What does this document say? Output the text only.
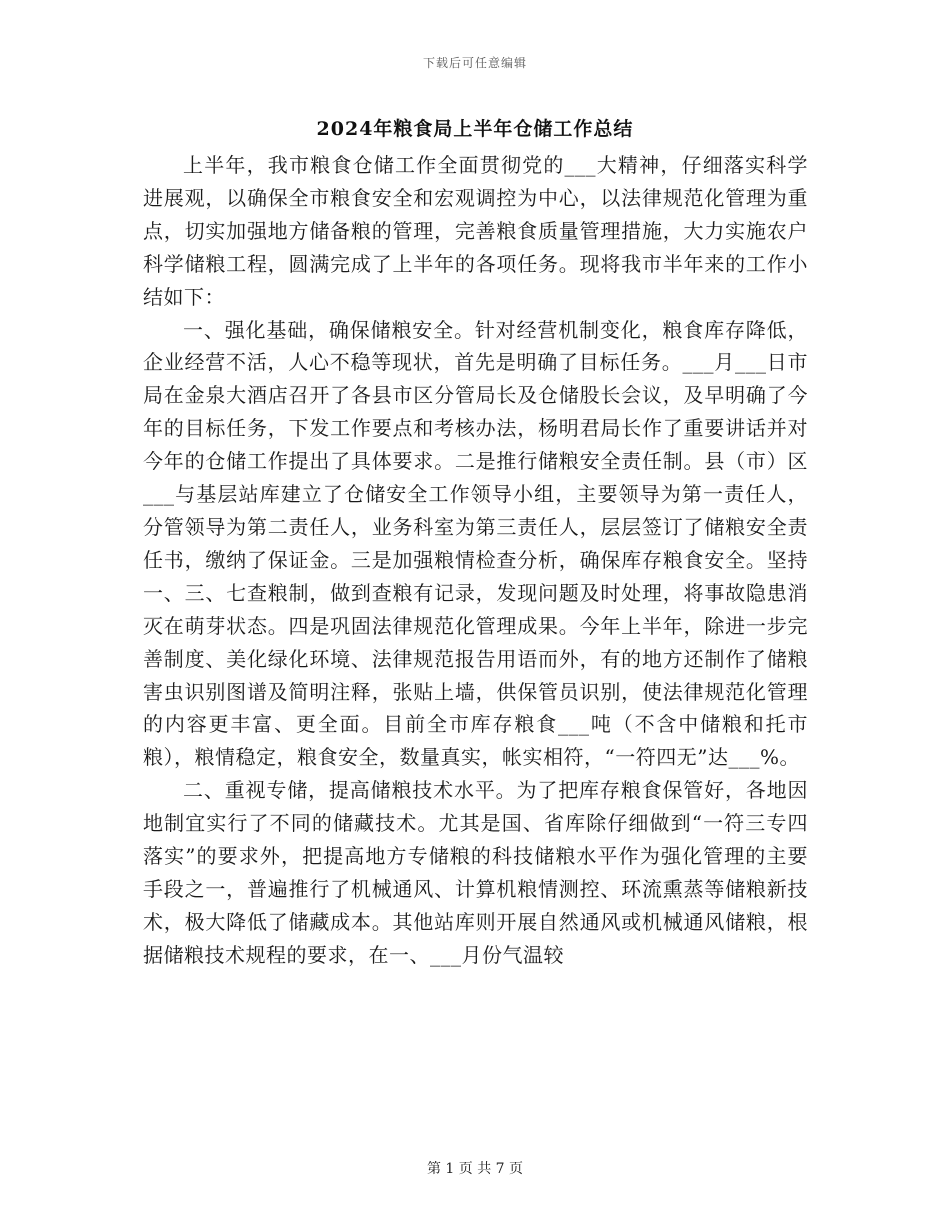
下载后可任意编辑
2024年粮食局上半年仓储工作总结

上半年，我市粮食仓储工作全面贯彻党的___大精神，仔细落实科学进展观，以确保全市粮食安全和宏观调控为中心，以法律规范化管理为重点，切实加强地方储备粮的管理，完善粮食质量管理措施，大力实施农户科学储粮工程，圆满完成了上半年的各项任务。现将我市半年来的工作小结如下：

一、强化基础，确保储粮安全。针对经营机制变化，粮食库存降低，企业经营不活，人心不稳等现状，首先是明确了目标任务。___月___日市局在金泉大酒店召开了各县市区分管局长及仓储股长会议，及早明确了今年的目标任务，下发工作要点和考核办法，杨明君局长作了重要讲话并对今年的仓储工作提出了具体要求。二是推行储粮安全责任制。县（市）区___与基层站库建立了仓储安全工作领导小组，主要领导为第一责任人，分管领导为第二责任人，业务科室为第三责任人，层层签订了储粮安全责任书，缴纳了保证金。三是加强粮情检查分析，确保库存粮食安全。坚持一、三、七查粮制，做到查粮有记录，发现问题及时处理，将事故隐患消灭在萌芽状态。四是巩固法律规范化管理成果。今年上半年，除进一步完善制度、美化绿化环境、法律规范报告用语而外，有的地方还制作了储粮害虫识别图谱及简明注释，张贴上墙，供保管员识别，使法律规范化管理的内容更丰富、更全面。目前全市库存粮食___吨（不含中储粮和托市粮），粮情稳定，粮食安全，数量真实，帐实相符，“一符四无”达___%。

二、重视专储，提高储粮技术水平。为了把库存粮食保管好，各地因地制宜实行了不同的储藏技术。尤其是国、省库除仔细做到“一符三专四落实”的要求外，把提高地方专储粮的科技储粮水平作为强化管理的主要手段之一，普遍推行了机械通风、计算机粮情测控、环流熏蒸等储粮新技术，极大降低了储藏成本。其他站库则开展自然通风或机械通风储粮，根据储粮技术规程的要求，在一、___月份气温较

第 1 页 共 7 页
